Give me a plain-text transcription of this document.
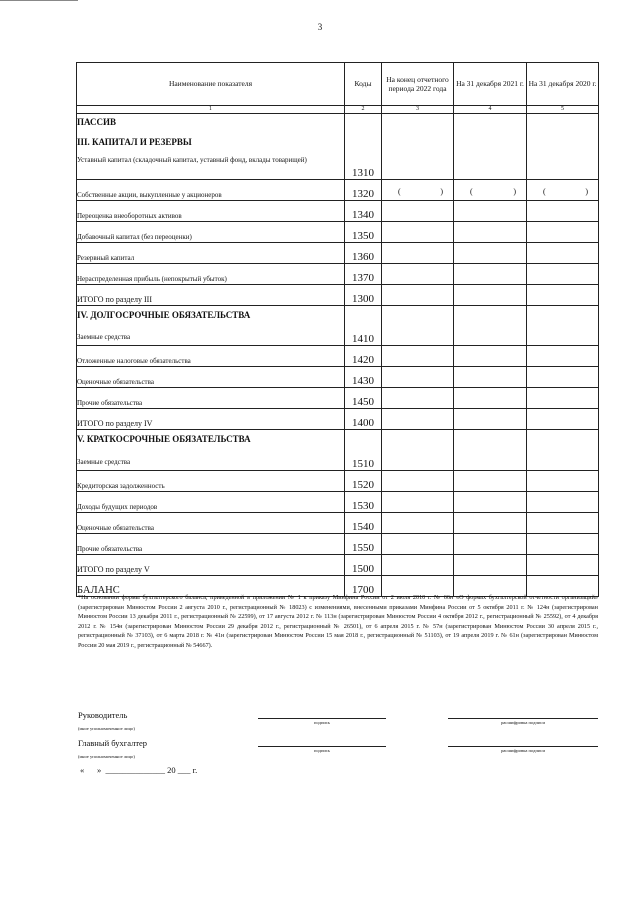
3
Наименование показателя	Коды	На конец отчетного периода 2022 года	На 31 декабря 2021 г.	На 31 декабря 2020 г.
1	2	3	4	5

ПАССИВ
III. КАПИТАЛ И РЕЗЕРВЫ
Уставный капитал (складочный капитал, уставный фонд, вклады товарищей)	1310			
Собственные акции, выкупленные у акционеров	1320	( )	( )	( )

Переоценка внеоборотных активов	1340			
Добавочный капитал (без переоценки)	1350			
Резервный капитал	1360			
Нераспределенная прибыль (непокрытый убыток)	1370			
ИТОГО по разделу III	1300			

IV. ДОЛГОСРОЧНЫЕ ОБЯЗАТЕЛЬСТВА
Заемные средства	1410			
Отложенные налоговые обязательства	1420			
Оценочные обязательства	1430			
Прочие обязательства	1450			
ИТОГО по разделу IV	1400			

V. КРАТКОСРОЧНЫЕ ОБЯЗАТЕЛЬСТВА
Заемные средства	1510			
Кредиторская задолженность	1520			
Доходы будущих периодов	1530			
Оценочные обязательства	1540			
Прочие обязательства	1550			
ИТОГО по разделу V	1500			
БАЛАНС	1700			
*На основании формы бухгалтерского баланса, приведенной в приложении № 1 к приказу Минфина России от 2 июля 2010 г. № 66н «О формах бухгалтерской отчетности организаций» (зарегистрирован Минюстом России 2 августа 2010 г., регистрационный № 18023) с изменениями, внесенными приказами Минфина России от 5 октября 2011 г. № 124н (зарегистрирован Минюстом России 13 декабря 2011 г., регистрационный № 22599), от 17 августа 2012 г. № 113н (зарегистрирован Минюстом России 4 октября 2012 г., регистрационный № 25592), от 4 декабря 2012 г. № 154н (зарегистрирован Минюстом России 29 декабря 2012 г., регистрационный № 26501), от 6 апреля 2015 г. № 57н (зарегистрирован Минюстом России 30 апреля 2015 г., регистрационный № 37103), от 6 марта 2018 г. № 41н (зарегистрирован Минюстом России 15 мая 2018 г., регистрационный № 51103), от 19 апреля 2019 г. № 61н (зарегистрирован Минюстом России 20 мая 2019 г., регистрационный № 54667).
Руководитель
(иное уполномоченное лицо)
подпись	расшифровка подписи
Главный бухгалтер
(иное уполномоченное лицо)
подпись	расшифровка подписи
«      »  ______________ 20 ___ г.
